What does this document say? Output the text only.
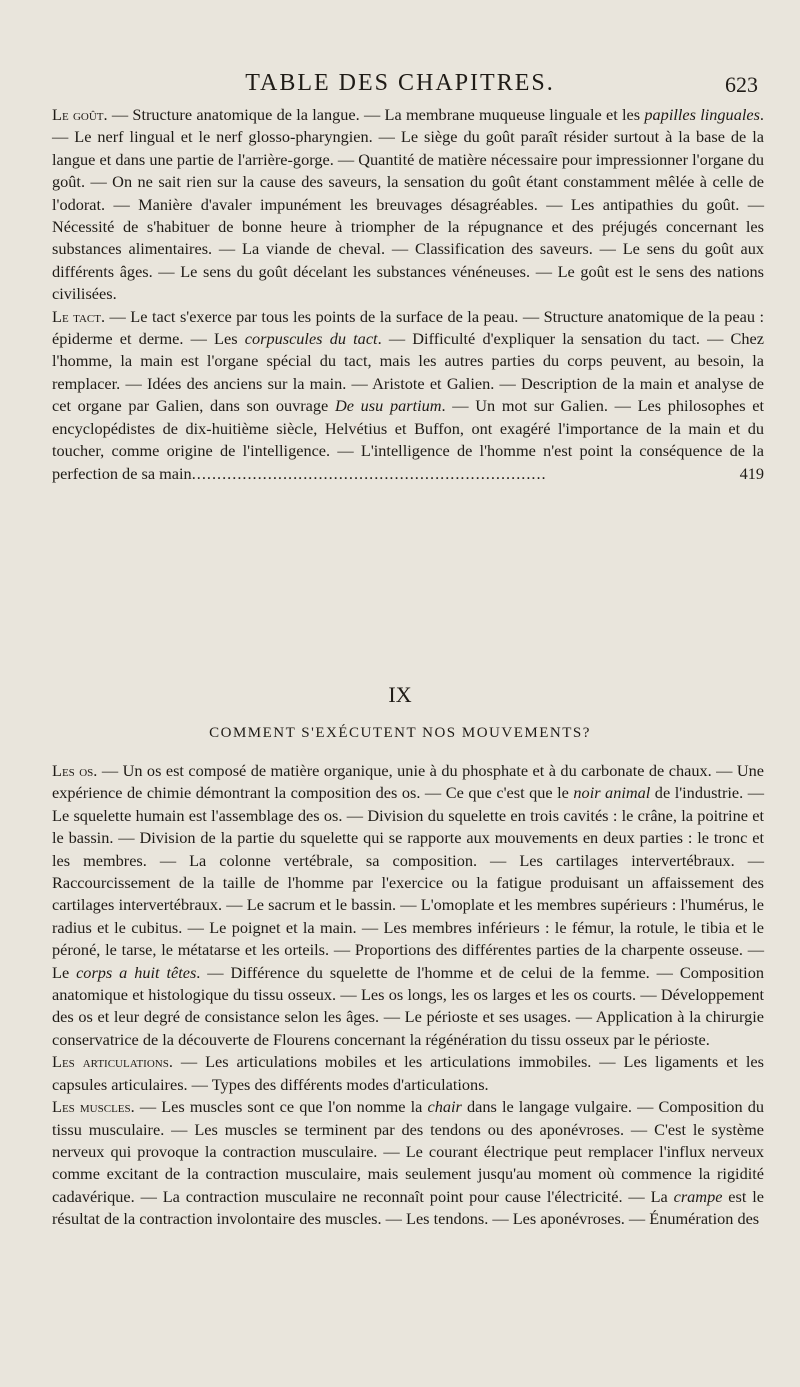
TABLE DES CHAPITRES.	623

Le goût. — Structure anatomique de la langue. — La membrane muqueuse linguale et les papilles linguales. — Le nerf lingual et le nerf glosso-pharyngien. — Le siège du goût paraît résider surtout à la base de la langue et dans une partie de l'arrière-gorge. — Quantité de matière nécessaire pour impressionner l'organe du goût. — On ne sait rien sur la cause des saveurs, la sensation du goût étant constamment mêlée à celle de l'odorat. — Manière d'avaler impunément les breuvages désagréables. — Les antipathies du goût. — Nécessité de s'habituer de bonne heure à triompher de la répugnance et des préjugés concernant les substances alimentaires. — La viande de cheval. — Classification des saveurs. — Le sens du goût aux différents âges. — Le sens du goût décelant les substances vénéneuses. — Le goût est le sens des nations civilisées.

Le tact. — Le tact s'exerce par tous les points de la surface de la peau. — Structure anatomique de la peau : épiderme et derme. — Les corpuscules du tact. — Difficulté d'expliquer la sensation du tact. — Chez l'homme, la main est l'organe spécial du tact, mais les autres parties du corps peuvent, au besoin, la remplacer. — Idées des anciens sur la main. — Aristote et Galien. — Description de la main et analyse de cet organe par Galien, dans son ouvrage De usu partium. — Un mot sur Galien. — Les philosophes et encyclopédistes de dix-huitième siècle, Helvétius et Buffon, ont exagéré l'importance de la main et du toucher, comme origine de l'intelligence. — L'intelligence de l'homme n'est point la conséquence de la perfection de sa main......................................................................	419

IX
COMMENT S'EXÉCUTENT NOS MOUVEMENTS?

Les os. — Un os est composé de matière organique, unie à du phosphate et à du carbonate de chaux. — Une expérience de chimie démontrant la composition des os. — Ce que c'est que le noir animal de l'industrie. — Le squelette humain est l'assemblage des os. — Division du squelette en trois cavités : le crâne, la poitrine et le bassin. — Division de la partie du squelette qui se rapporte aux mouvements en deux parties : le tronc et les membres. — La colonne vertébrale, sa composition. — Les cartilages intervertébraux. — Raccourcissement de la taille de l'homme par l'exercice ou la fatigue produisant un affaissement des cartilages intervertébraux. — Le sacrum et le bassin. — L'omoplate et les membres supérieurs : l'humérus, le radius et le cubitus. — Le poignet et la main. — Les membres inférieurs : le fémur, la rotule, le tibia et le péroné, le tarse, le métatarse et les orteils. — Proportions des différentes parties de la charpente osseuse. — Le corps a huit têtes. — Différence du squelette de l'homme et de celui de la femme. — Composition anatomique et histologique du tissu osseux. — Les os longs, les os larges et les os courts. — Développement des os et leur degré de consistance selon les âges. — Le périoste et ses usages. — Application à la chirurgie conservatrice de la découverte de Flourens concernant la régénération du tissu osseux par le périoste.

Les articulations. — Les articulations mobiles et les articulations immobiles. — Les ligaments et les capsules articulaires. — Types des différents modes d'articulations.

Les muscles. — Les muscles sont ce que l'on nomme la chair dans le langage vulgaire. — Composition du tissu musculaire. — Les muscles se terminent par des tendons ou des aponévroses. — C'est le système nerveux qui provoque la contraction musculaire. — Le courant électrique peut remplacer l'influx nerveux comme excitant de la contraction musculaire, mais seulement jusqu'au moment où commence la rigidité cadavérique. — La contraction musculaire ne reconnaît point pour cause l'électricité. — La crampe est le résultat de la contraction involontaire des muscles. — Les tendons. — Les aponévroses. — Énumération des
